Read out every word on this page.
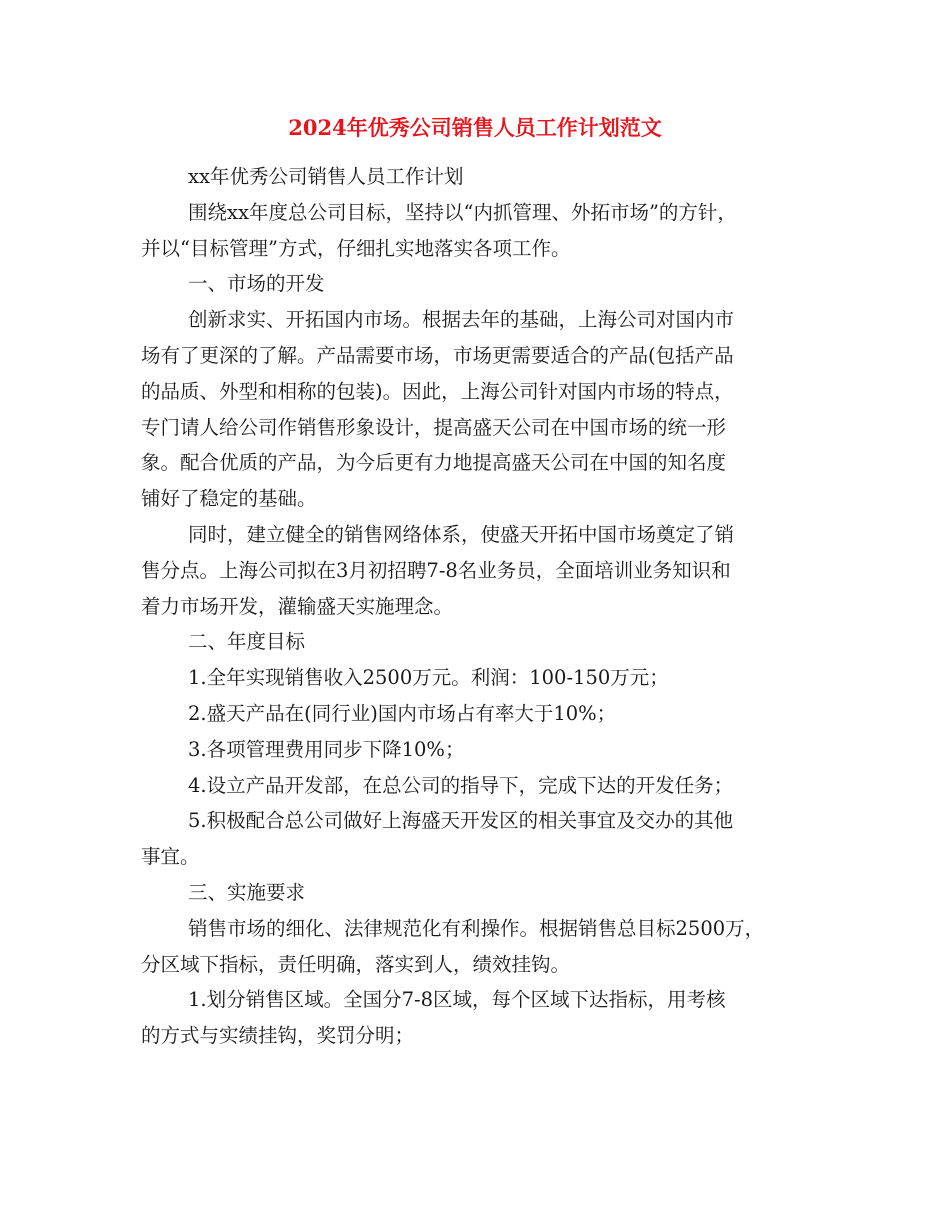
2024年优秀公司销售人员工作计划范文

xx年优秀公司销售人员工作计划

围绕xx年度总公司目标，坚持以“内抓管理、外拓市场”的方针，
并以“目标管理”方式，仔细扎实地落实各项工作。

一、市场的开发

创新求实、开拓国内市场。根据去年的基础，上海公司对国内市
场有了更深的了解。产品需要市场，市场更需要适合的产品(包括产品
的品质、外型和相称的包装)。因此，上海公司针对国内市场的特点，
专门请人给公司作销售形象设计，提高盛天公司在中国市场的统一形
象。配合优质的产品，为今后更有力地提高盛天公司在中国的知名度
铺好了稳定的基础。

同时，建立健全的销售网络体系，使盛天开拓中国市场奠定了销
售分点。上海公司拟在3月初招聘7-8名业务员，全面培训业务知识和
着力市场开发，灌输盛天实施理念。

二、年度目标

1.全年实现销售收入2500万元。利润：100-150万元；

2.盛天产品在(同行业)国内市场占有率大于10%；

3.各项管理费用同步下降10%；

4.设立产品开发部，在总公司的指导下，完成下达的开发任务；

5.积极配合总公司做好上海盛天开发区的相关事宜及交办的其他
事宜。

三、实施要求

销售市场的细化、法律规范化有利操作。根据销售总目标2500万，
分区域下指标，责任明确，落实到人，绩效挂钩。

1.划分销售区域。全国分7-8区域，每个区域下达指标，用考核
的方式与实绩挂钩，奖罚分明；
